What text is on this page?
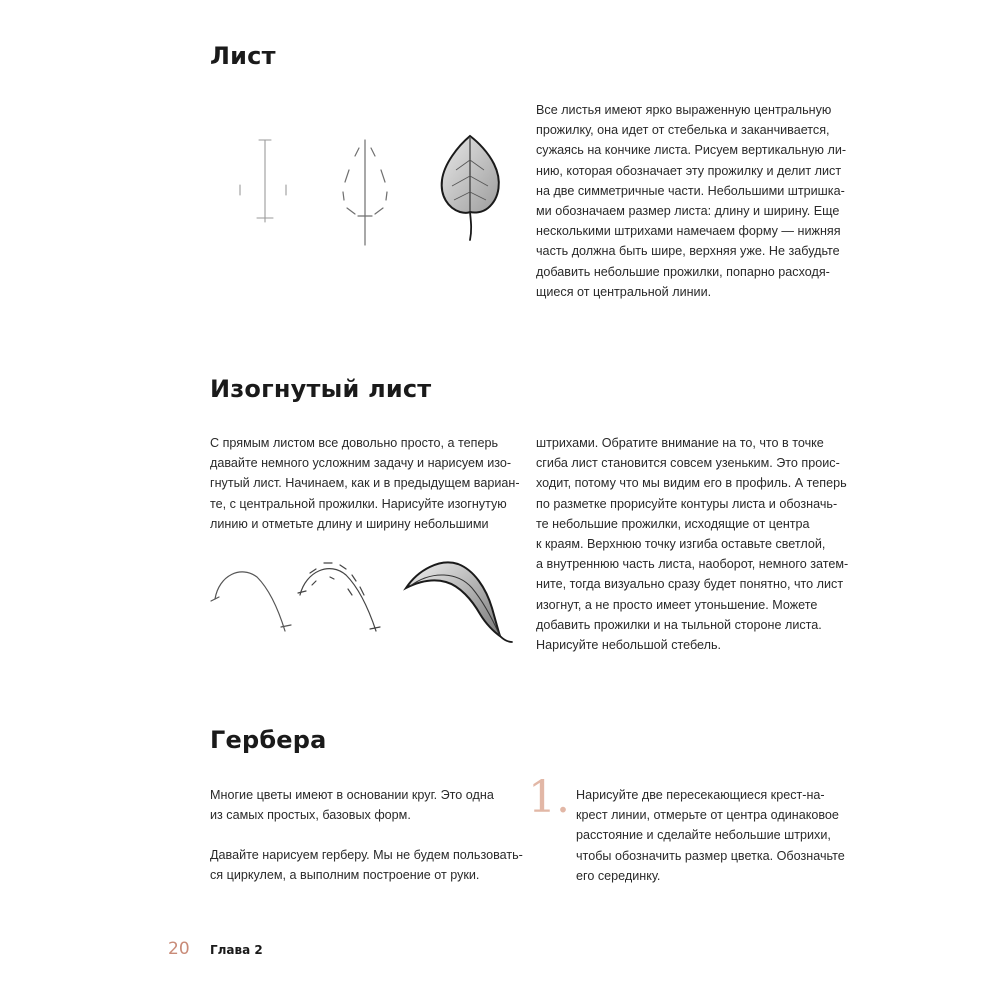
Лист

Все листья имеют ярко выраженную центральную
прожилку, она идет от стебелька и заканчивается,
сужаясь на кончике листа. Рисуем вертикальную ли-
нию, которая обозначает эту прожилку и делит лист
на две симметричные части. Небольшими штришка-
ми обозначаем размер листа: длину и ширину. Еще
несколькими штрихами намечаем форму — нижняя
часть должна быть шире, верхняя уже. Не забудьте
добавить небольшие прожилки, попарно расходя-
щиеся от центральной линии.

Изогнутый лист

С прямым листом все довольно просто, а теперь
давайте немного усложним задачу и нарисуем изо-
гнутый лист. Начинаем, как и в предыдущем вариан-
те, с центральной прожилки. Нарисуйте изогнутую
линию и отметьте длину и ширину небольшими

штрихами. Обратите внимание на то, что в точке
сгиба лист становится совсем узеньким. Это проис-
ходит, потому что мы видим его в профиль. А теперь
по разметке прорисуйте контуры листа и обозначь-
те небольшие прожилки, исходящие от центра
к краям. Верхнюю точку изгиба оставьте светлой,
а внутреннюю часть листа, наоборот, немного затем-
ните, тогда визуально сразу будет понятно, что лист
изогнут, а не просто имеет утоньшение. Можете
добавить прожилки и на тыльной стороне листа.
Нарисуйте небольшой стебель.

Гербера

Многие цветы имеют в основании круг. Это одна
из самых простых, базовых форм.

Давайте нарисуем герберу. Мы не будем пользовать-
ся циркулем, а выполним построение от руки.

1. Нарисуйте две пересекающиеся крест-на-
крест линии, отмерьте от центра одинаковое
расстояние и сделайте небольшие штрихи,
чтобы обозначить размер цветка. Обозначьте
его серединку.

20 Глава 2
